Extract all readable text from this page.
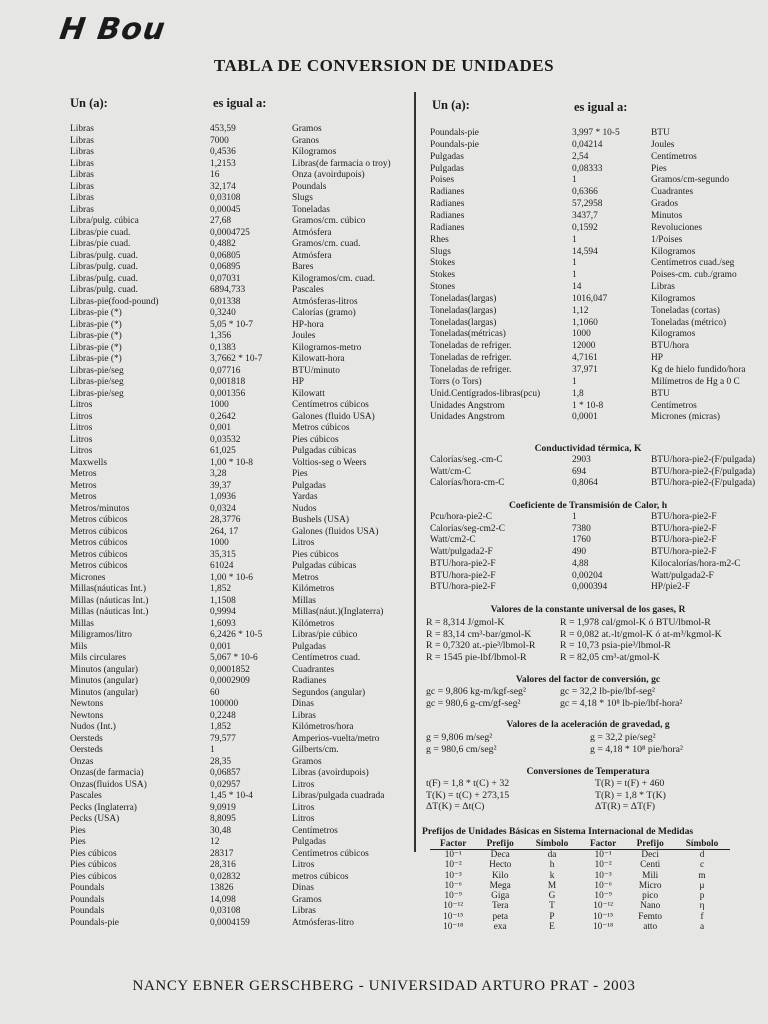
H Bou
TABLA DE CONVERSION DE UNIDADES
Un (a):	es igual a:	Un (a):	es igual a:
Libras	453,59	Gramos
Libras	7000	Granos
Libras	0,4536	Kilogramos
Libras	1,2153	Libras(de farmacia o troy)
Libras	16	Onza (avoirdupois)
Libras	32,174	Poundals
Libras	0,03108	Slugs
Libras	0,00045	Toneladas
Libra/pulg. cúbica	27,68	Gramos/cm. cúbico
Libras/pie cuad.	0,0004725	Atmósfera
Libras/pie cuad.	0,4882	Gramos/cm. cuad.
Libras/pulg. cuad.	0,06805	Atmósfera
Libras/pulg. cuad.	0,06895	Bares
Libras/pulg. cuad.	0,07031	Kilogramos/cm. cuad.
Libras/pulg. cuad.	6894,733	Pascales
Libras-pie(food-pound)	0,01338	Atmósferas-litros
Libras-pie (*)	0,3240	Calorías (gramo)
Libras-pie (*)	5,05 * 10-7	HP-hora
Libras-pie (*)	1,356	Joules
Libras-pie (*)	0,1383	Kilogramos-metro
Libras-pie (*)	3,7662 * 10-7	Kilowatt-hora
Libras-pie/seg	0,07716	BTU/minuto
Libras-pie/seg	0,001818	HP
Libras-pie/seg	0,001356	Kilowatt
Litros	1000	Centímetros cúbicos
Litros	0,2642	Galones (fluido USA)
Litros	0,001	Metros cúbicos
Litros	0,03532	Pies cúbicos
Litros	61,025	Pulgadas cúbicas
Maxwells	1,00 * 10-8	Voltios-seg o Weers
Metros	3,28	Pies
Metros	39,37	Pulgadas
Metros	1,0936	Yardas
Metros/minutos	0,0324	Nudos
Metros cúbicos	28,3776	Bushels (USA)
Metros cúbicos	264, 17	Galones (fluidos USA)
Metros cúbicos	1000	Litros
Metros cúbicos	35,315	Pies cúbicos
Metros cúbicos	61024	Pulgadas cúbicas
Micrones	1,00 * 10-6	Metros
Millas(náuticas Int.)	1,852	Kilómetros
Millas (náuticas Int.)	1,1508	Millas
Millas (náuticas Int.)	0,9994	Millas(náut.)(Inglaterra)
Millas	1,6093	Kilómetros
Miligramos/litro	6,2426 * 10-5	Libras/pie cúbico
Mils	0,001	Pulgadas
Mils circulares	5,067 * 10-6	Centímetros cuad.
Minutos (angular)	0,0001852	Cuadrantes
Minutos (angular)	0,0002909	Radianes
Minutos (angular)	60	Segundos (angular)
Newtons	100000	Dinas
Newtons	0,2248	Libras
Nudos (Int.)	1,852	Kilómetros/hora
Oersteds	79,577	Amperios-vuelta/metro
Oersteds	1	Gilberts/cm.
Onzas	28,35	Gramos
Onzas(de farmacia)	0,06857	Libras (avoirdupois)
Onzas(fluidos USA)	0,02957	Litros
Pascales	1,45 * 10-4	Libras/pulgada cuadrada
Pecks (Inglaterra)	9,0919	Litros
Pecks (USA)	8,8095	Litros
Pies	30,48	Centímetros
Pies	12	Pulgadas
Pies cúbicos	28317	Centímetros cúbicos
Pies cúbicos	28,316	Litros
Pies cúbicos	0,02832	metros cúbicos
Poundals	13826	Dinas
Poundals	14,098	Gramos
Poundals	0,03108	Libras
Poundals-pie	0,0004159	Atmósferas-litro
Poundals-pie	3,997 * 10-5	BTU
Poundals-pie	0,04214	Joules
Pulgadas	2,54	Centímetros
Pulgadas	0,08333	Pies
Poises	1	Gramos/cm-segundo
Radianes	0,6366	Cuadrantes
Radianes	57,2958	Grados
Radianes	3437,7	Minutos
Radianes	0,1592	Revoluciones
Rhes	1	1/Poises
Slugs	14,594	Kilogramos
Stokes	1	Centímetros cuad./seg
Stokes	1	Poises-cm. cub./gramo
Stones	14	Libras
Toneladas(largas)	1016,047	Kilogramos
Toneladas(largas)	1,12	Toneladas (cortas)
Toneladas(largas)	1,1060	Toneladas (métrico)
Toneladas(métricas)	1000	Kilogramos
Toneladas de refriger.	12000	BTU/hora
Toneladas de refriger.	4,7161	HP
Toneladas de refriger.	37,971	Kg de hielo fundido/hora
Torrs (o Tors)	1	Milímetros de Hg a 0 C
Unid.Centígrados-libras(pcu)	1,8	BTU
Unidades Angstrom	1 * 10-8	Centímetros
Unidades Angstrom	0,0001	Micrones (micras)
Conductividad térmica, K
Calorías/seg.-cm-C	2903	BTU/hora-pie2-(F/pulgada)
Watt/cm-C	694	BTU/hora-pie2-(F/pulgada)
Calorías/hora-cm-C	0,8064	BTU/hora-pie2-(F/pulgada)
Coeficiente de Transmisión de Calor, h
Pcu/hora-pie2-C	1	BTU/hora-pie2-F
Calorías/seg-cm2-C	7380	BTU/hora-pie2-F
Watt/cm2-C	1760	BTU/hora-pie2-F
Watt/pulgada2-F	490	BTU/hora-pie2-F
BTU/hora-pie2-F	4,88	Kilocalorías/hora-m2-C
BTU/hora-pie2-F	0,00204	Watt/pulgada2-F
BTU/hora-pie2-F	0,000394	HP/pie2-F
Valores de la constante universal de los gases, R
R = 8,314 J/gmol-K	R = 1,978 cal/gmol-K ó BTU/lbmol-R
R = 83,14 cm³-bar/gmol-K	R = 0,082 at.-lt/gmol-K ó at-m³/kgmol-K
R = 0,7320 at.-pie³/lbmol-R	R = 10,73 psia-pie³/lbmol-R
R = 1545 pie-lbf/lbmol-R	R = 82,05 cm³-at/gmol-K
Valores del factor de conversión, gc
gc = 9,806 kg-m/kgf-seg²	gc = 32,2 lb-pie/lbf-seg²
gc = 980,6 g-cm/gf-seg²	gc = 4,18 * 10⁸ lb-pie/lbf-hora²
Valores de la aceleración de gravedad, g
g = 9,806 m/seg²	g = 32,2 pie/seg²
g = 980,6 cm/seg²	g = 4,18 * 10⁸ pie/hora²
Conversiones de Temperatura
t(F) = 1,8 * t(C) + 32	T(R) = t(F) + 460
T(K) = t(C) + 273,15	T(R) = 1,8 * T(K)
ΔT(K) = Δt(C)	ΔT(R) = ΔT(F)
Prefijos de Unidades Básicas en Sistema Internacional de Medidas
Factor	Prefijo	Símbolo	Factor	Prefijo	Símbolo
10⁻¹	Deca	da	10⁻¹	Deci	d
10⁻²	Hecto	h	10⁻²	Centi	c
10⁻³	Kilo	k	10⁻³	Mili	m
10⁻⁶	Mega	M	10⁻⁶	Micro	μ
10⁻⁹	Giga	G	10⁻⁹	pico	p
10⁻¹²	Tera	T	10⁻¹²	Nano	η
10⁻¹⁵	peta	P	10⁻¹⁵	Femto	f
10⁻¹⁸	exa	E	10⁻¹⁸	atto	a
NANCY EBNER GERSCHBERG - UNIVERSIDAD ARTURO PRAT - 2003
